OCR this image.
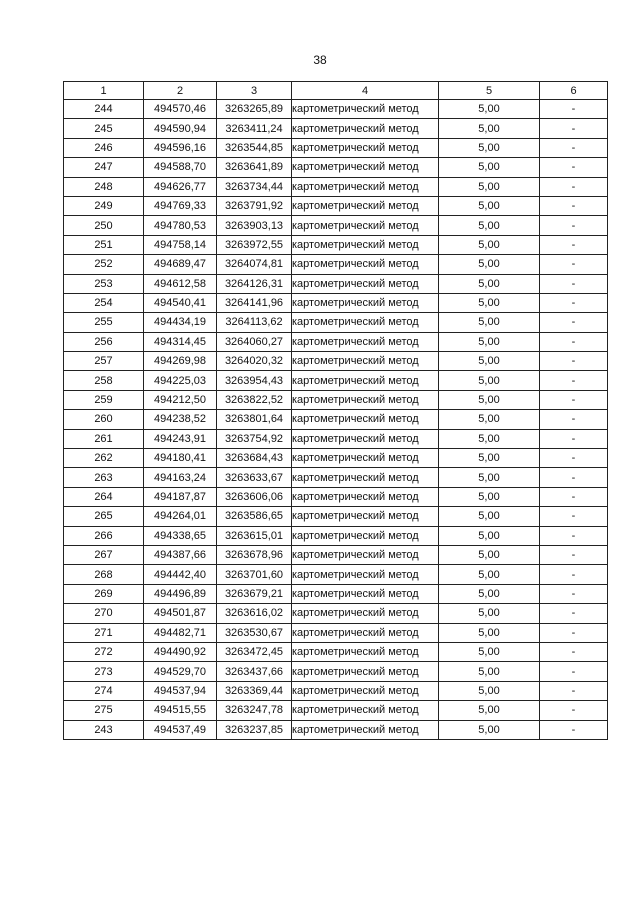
38
1	2	3	4	5	6
244	494570,46	3263265,89	картометрический метод	5,00	-
245	494590,94	3263411,24	картометрический метод	5,00	-
246	494596,16	3263544,85	картометрический метод	5,00	-
247	494588,70	3263641,89	картометрический метод	5,00	-
248	494626,77	3263734,44	картометрический метод	5,00	-
249	494769,33	3263791,92	картометрический метод	5,00	-
250	494780,53	3263903,13	картометрический метод	5,00	-
251	494758,14	3263972,55	картометрический метод	5,00	-
252	494689,47	3264074,81	картометрический метод	5,00	-
253	494612,58	3264126,31	картометрический метод	5,00	-
254	494540,41	3264141,96	картометрический метод	5,00	-
255	494434,19	3264113,62	картометрический метод	5,00	-
256	494314,45	3264060,27	картометрический метод	5,00	-
257	494269,98	3264020,32	картометрический метод	5,00	-
258	494225,03	3263954,43	картометрический метод	5,00	-
259	494212,50	3263822,52	картометрический метод	5,00	-
260	494238,52	3263801,64	картометрический метод	5,00	-
261	494243,91	3263754,92	картометрический метод	5,00	-
262	494180,41	3263684,43	картометрический метод	5,00	-
263	494163,24	3263633,67	картометрический метод	5,00	-
264	494187,87	3263606,06	картометрический метод	5,00	-
265	494264,01	3263586,65	картометрический метод	5,00	-
266	494338,65	3263615,01	картометрический метод	5,00	-
267	494387,66	3263678,96	картометрический метод	5,00	-
268	494442,40	3263701,60	картометрический метод	5,00	-
269	494496,89	3263679,21	картометрический метод	5,00	-
270	494501,87	3263616,02	картометрический метод	5,00	-
271	494482,71	3263530,67	картометрический метод	5,00	-
272	494490,92	3263472,45	картометрический метод	5,00	-
273	494529,70	3263437,66	картометрический метод	5,00	-
274	494537,94	3263369,44	картометрический метод	5,00	-
275	494515,55	3263247,78	картометрический метод	5,00	-
243	494537,49	3263237,85	картометрический метод	5,00	-
